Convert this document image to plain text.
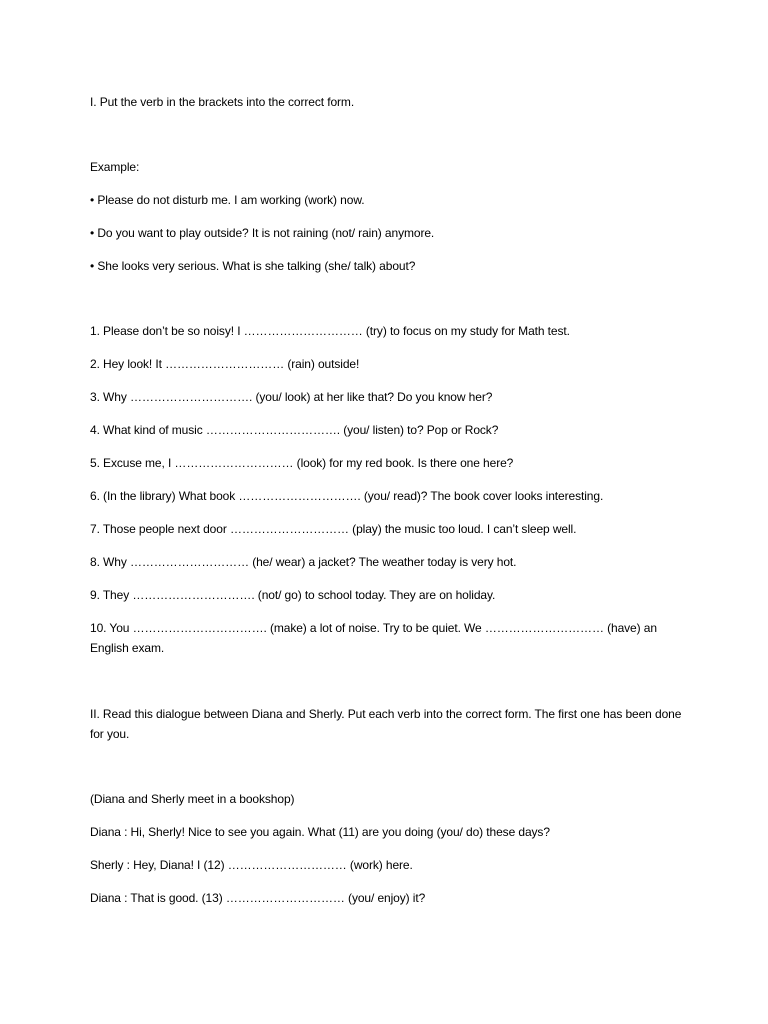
I. Put the verb in the brackets into the correct form.
Example:
• Please do not disturb me. I am working (work) now.
• Do you want to play outside? It is not raining (not/ rain) anymore.
• She looks very serious. What is she talking (she/ talk) about?
1. Please don’t be so noisy! I ………………………… (try) to focus on my study for Math test.
2. Hey look! It ………………………… (rain) outside!
3. Why …………………………. (you/ look) at her like that? Do you know her?
4. What kind of music ……………………………. (you/ listen) to? Pop or Rock?
5. Excuse me, I ………………………… (look) for my red book. Is there one here?
6. (In the library) What book …………………………. (you/ read)? The book cover looks interesting.
7. Those people next door ………………………… (play) the music too loud. I can’t sleep well.
8. Why ………………………… (he/ wear) a jacket? The weather today is very hot.
9. They …………………………. (not/ go) to school today. They are on holiday.
10. You ……………………………. (make) a lot of noise. Try to be quiet. We ………………………… (have) an English exam.
II. Read this dialogue between Diana and Sherly. Put each verb into the correct form. The first one has been done for you.
(Diana and Sherly meet in a bookshop)
Diana : Hi, Sherly! Nice to see you again. What (11) are you doing (you/ do) these days?
Sherly : Hey, Diana! I (12) ………………………… (work) here.
Diana : That is good. (13) ………………………… (you/ enjoy) it?
